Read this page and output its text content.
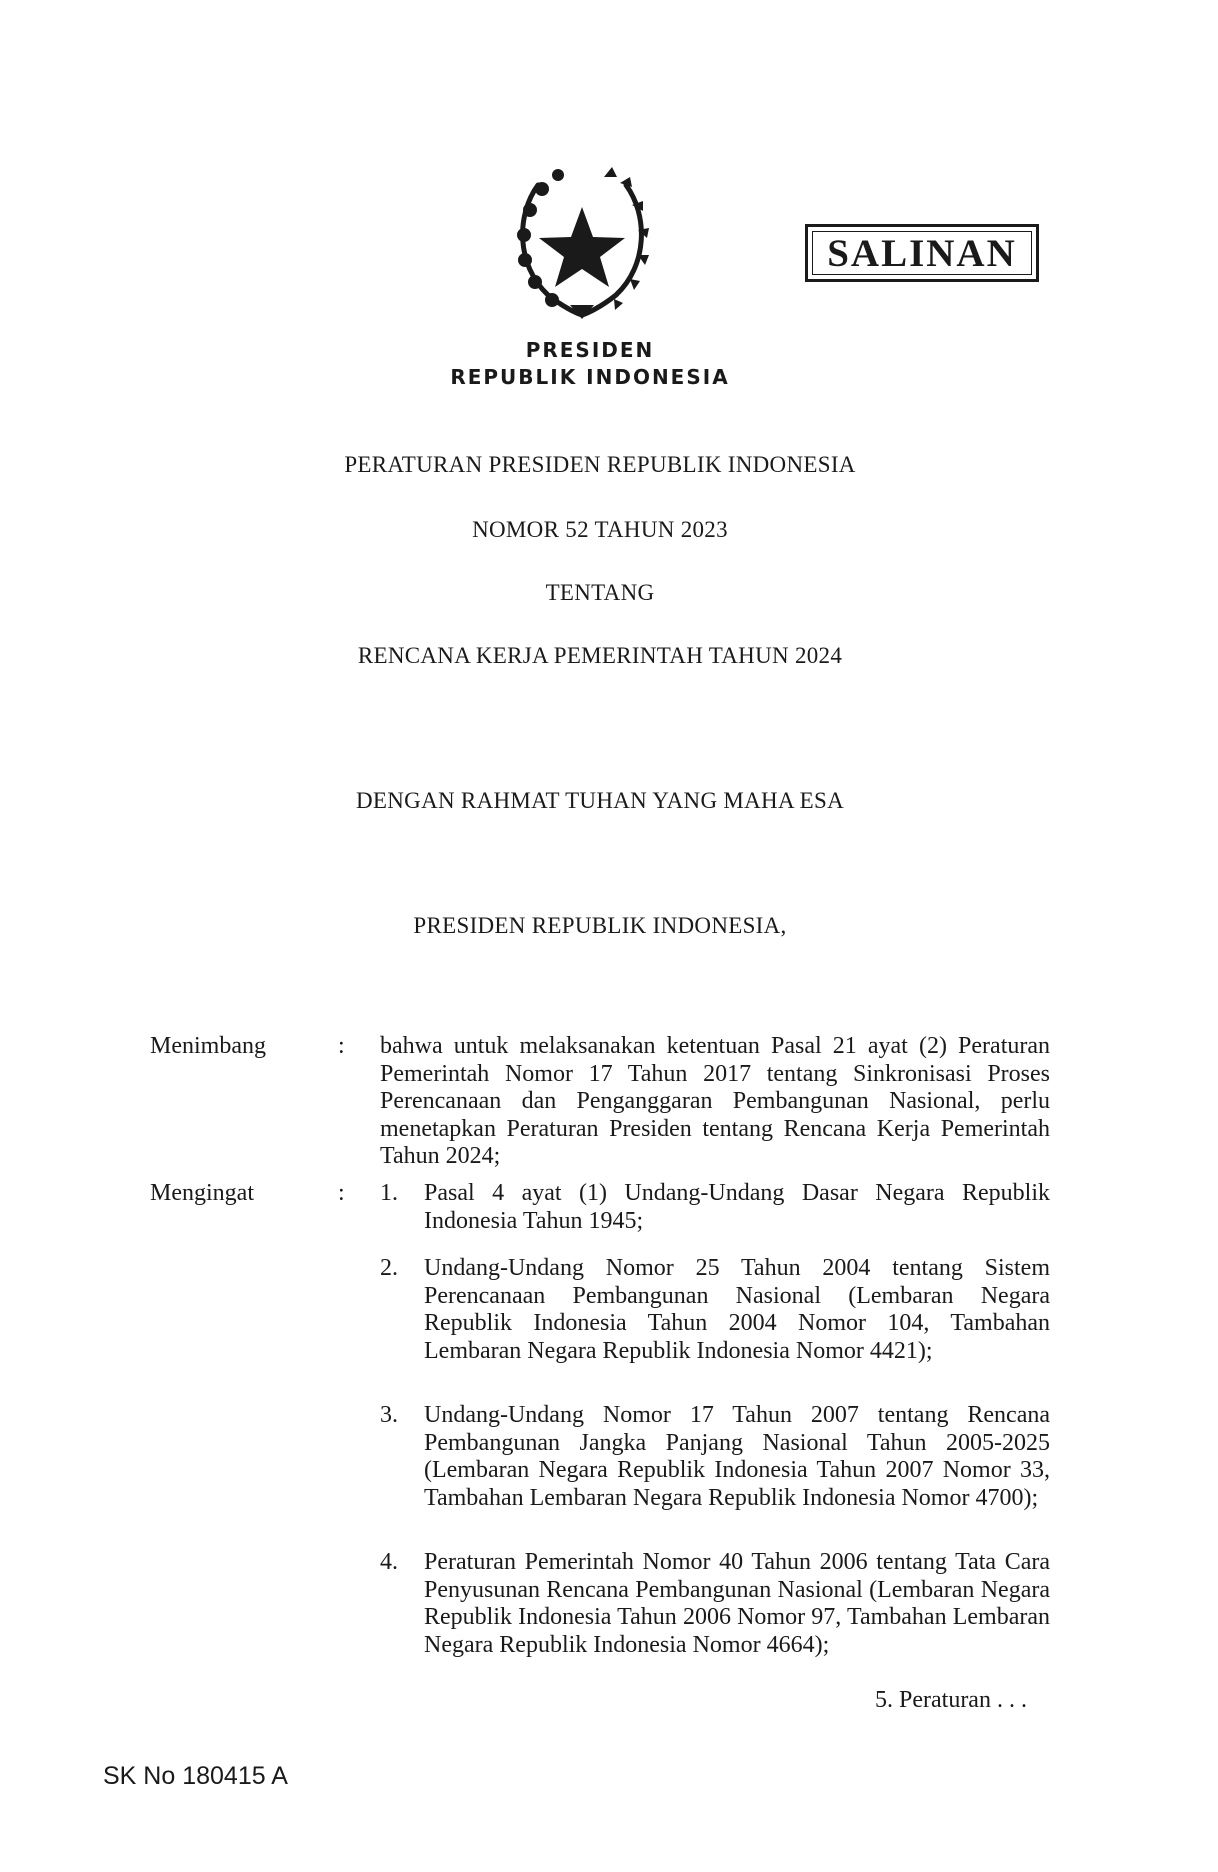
SALINAN
PRESIDEN
REPUBLIK INDONESIA
PERATURAN PRESIDEN REPUBLIK INDONESIA
NOMOR 52 TAHUN 2023
TENTANG
RENCANA KERJA PEMERINTAH TAHUN 2024
DENGAN RAHMAT TUHAN YANG MAHA ESA
PRESIDEN REPUBLIK INDONESIA,
Menimbang	: bahwa untuk melaksanakan ketentuan Pasal 21 ayat (2) Peraturan Pemerintah Nomor 17 Tahun 2017 tentang Sinkronisasi Proses Perencanaan dan Penganggaran Pembangunan Nasional, perlu menetapkan Peraturan Presiden tentang Rencana Kerja Pemerintah Tahun 2024;
Mengingat	: 1. Pasal 4 ayat (1) Undang-Undang Dasar Negara Republik Indonesia Tahun 1945;
2. Undang-Undang Nomor 25 Tahun 2004 tentang Sistem Perencanaan Pembangunan Nasional (Lembaran Negara Republik Indonesia Tahun 2004 Nomor 104, Tambahan Lembaran Negara Republik Indonesia Nomor 4421);
3. Undang-Undang Nomor 17 Tahun 2007 tentang Rencana Pembangunan Jangka Panjang Nasional Tahun 2005-2025 (Lembaran Negara Republik Indonesia Tahun 2007 Nomor 33, Tambahan Lembaran Negara Republik Indonesia Nomor 4700);
4. Peraturan Pemerintah Nomor 40 Tahun 2006 tentang Tata Cara Penyusunan Rencana Pembangunan Nasional (Lembaran Negara Republik Indonesia Tahun 2006 Nomor 97, Tambahan Lembaran Negara Republik Indonesia Nomor 4664);
5. Peraturan . . .
SK No 180415 A
